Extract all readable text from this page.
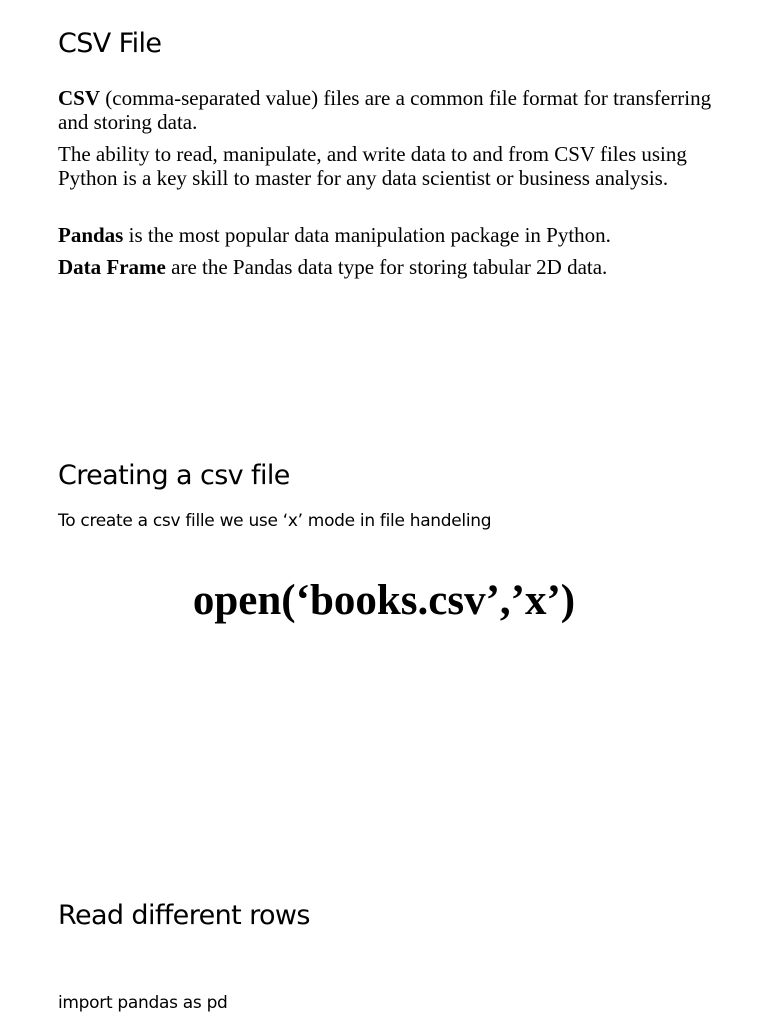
CSV File

CSV (comma-separated value) files are a common file format for transferring and storing data.

The ability to read, manipulate, and write data to and from CSV files using Python is a key skill to master for any data scientist or business analysis.

Pandas is the most popular data manipulation package in Python.

Data Frame are the Pandas data type for storing tabular 2D data.

Creating a csv file

To create a csv fille we use ‘x’ mode in file handeling

open(‘books.csv’,’x’)

Read different rows

import pandas as pd
